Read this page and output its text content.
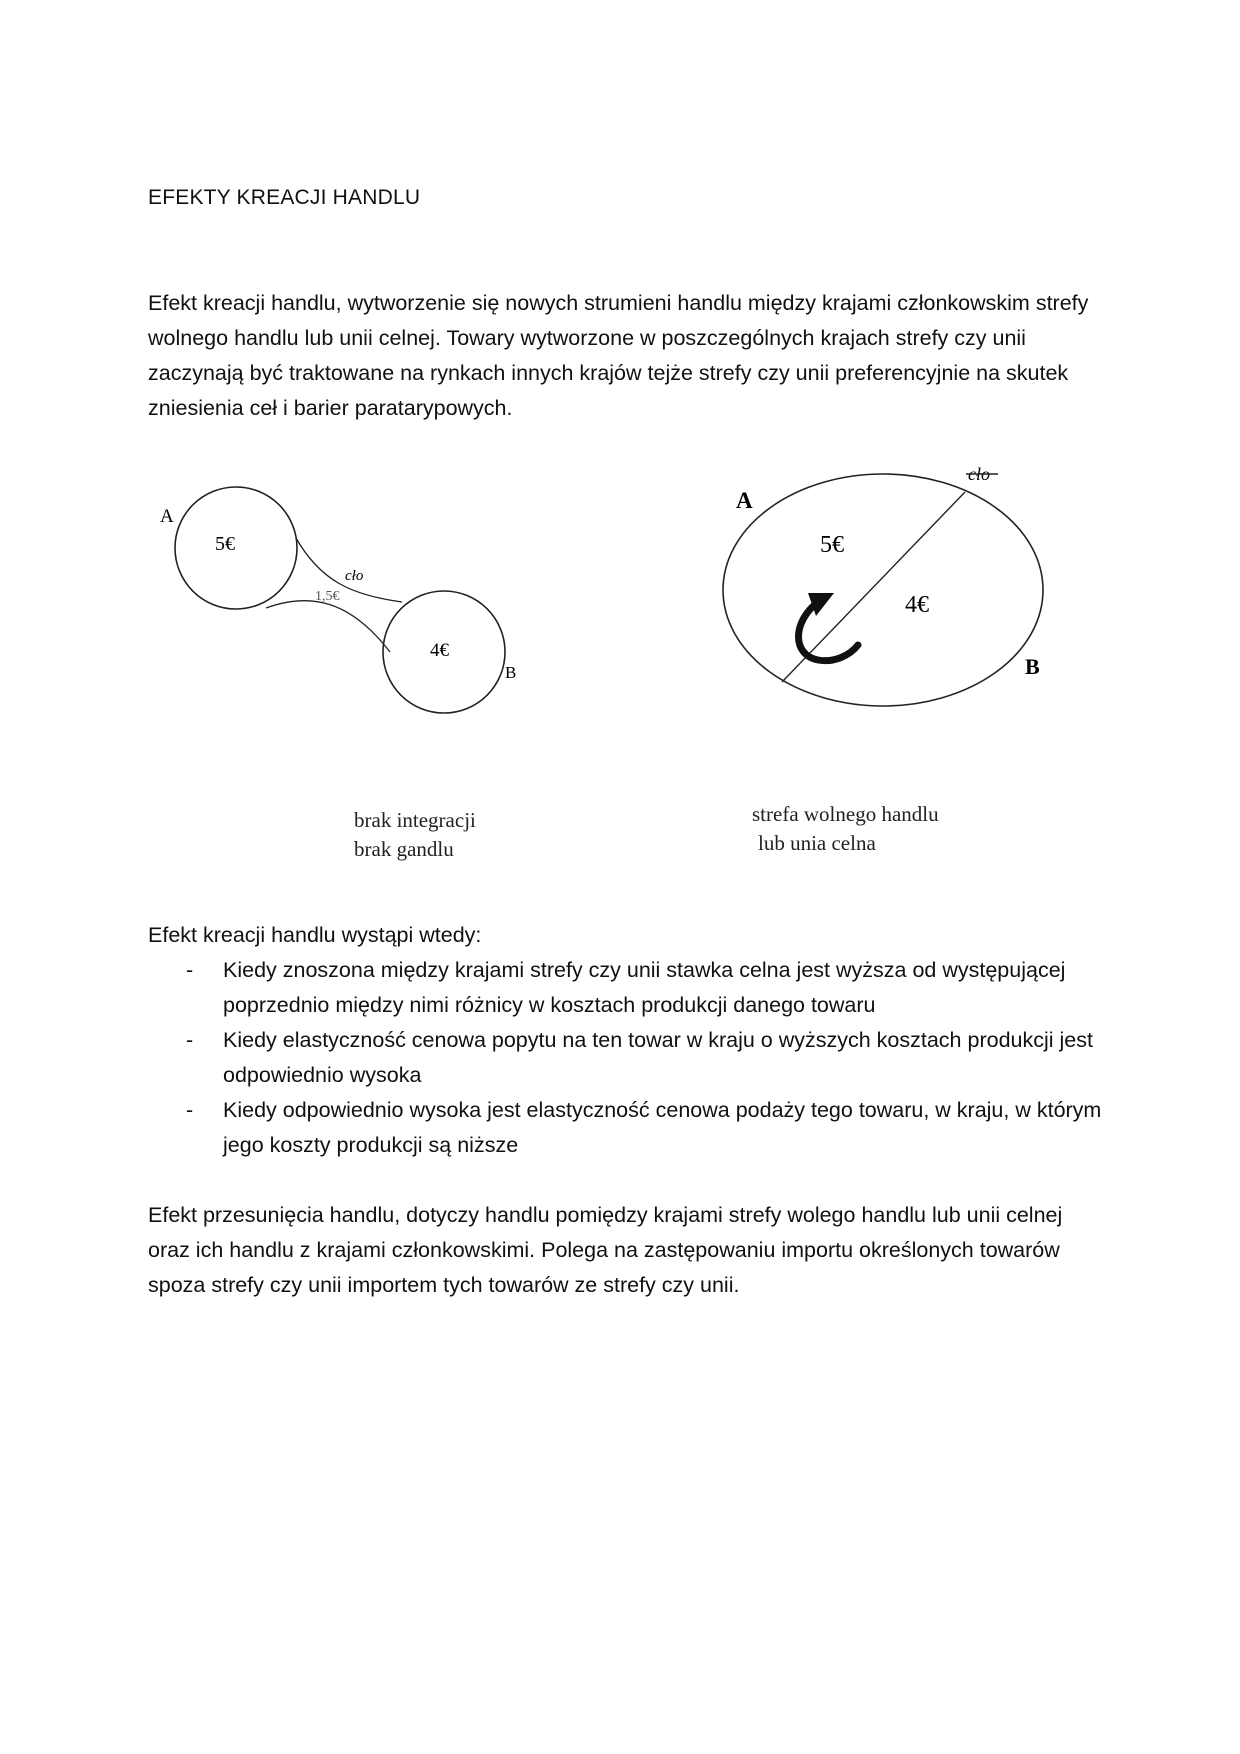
EFEKTY KREACJI HANDLU

Efekt kreacji handlu, wytworzenie się nowych strumieni handlu między krajami członkowskim strefy wolnego handlu lub unii celnej. Towary wytworzone w poszczególnych krajach strefy czy unii zaczynają być traktowane na rynkach innych krajów tejże strefy czy unii preferencyjnie na skutek zniesienia ceł i barier paratarypowych.

A
5€
4€
B
cło
1,5€
brak integracji
brak gandlu
A
5€
4€
B
cło
strefa wolnego handlu
lub unia celna

Efekt kreacji handlu wystąpi wtedy:

- Kiedy znoszona między krajami strefy czy unii stawka celna jest wyższa od występującej poprzednio między nimi różnicy w kosztach produkcji danego towaru
- Kiedy elastyczność cenowa popytu na ten towar w kraju o wyższych kosztach produkcji jest odpowiednio wysoka
- Kiedy odpowiednio wysoka jest elastyczność cenowa podaży tego towaru, w kraju, w którym jego koszty produkcji są niższe

Efekt przesunięcia handlu, dotyczy handlu pomiędzy krajami strefy wolego handlu lub unii celnej oraz ich handlu z krajami członkowskimi. Polega na zastępowaniu importu określonych towarów spoza strefy czy unii importem tych towarów ze strefy czy unii.
